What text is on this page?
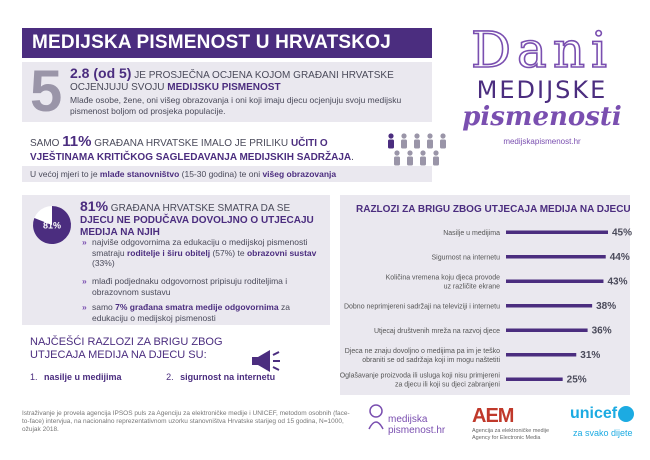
MEDIJSKA PISMENOST U HRVATSKOJ	Dani
MEDIJSKE
pismenosti
medijskapismenost.hr
5 2.8 (od 5) JE PROSJEČNA OCJENA KOJOM GRAĐANI HRVATSKE OCJENJUJU SVOJU MEDIJSKU PISMENOST
Mlađe osobe, žene, oni višeg obrazovanja i oni koji imaju djecu ocjenjuju svoju medijsku pismenost boljom od prosjeka populacije.
SAMO 11% GRAĐANA HRVATSKE IMALO JE PRILIKU UČITI O VJEŠTINAMA KRITIČKOG SAGLEDAVANJA MEDIJSKIH SADRŽAJA.
U većoj mjeri to je mlađe stanovništvo (15-30 godina) te oni višeg obrazovanja
81%
81% GRAĐANA HRVATSKE SMATRA DA SE DJECU NE PODUČAVA DOVOLJNO O UTJECAJU MEDIJA NA NJIH
» najviše odgovornima za edukaciju o medijskoj pismenosti smatraju roditelje i širu obitelj (57%) te obrazovni sustav (33%)
» mlađi podjednaku odgovornost pripisuju roditeljima i obrazovnom sustavu
» samo 7% građana smatra medije odgovornima za edukaciju o medijskoj pismenosti
NAJČEŠĆI RAZLOZI ZA BRIGU ZBOG UTJECAJA MEDIJA NA DJECU SU:
1. nasilje u medijima	2. sigurnost na internetu
RAZLOZI ZA BRIGU ZBOG UTJECAJA MEDIJA NA DJECU
Nasilje u medijima	45%
Sigurnost na internetu	44%
Količina vremena koju djeca provode
uz različite ekrane	43%
Dobno neprimjereni sadržaji na televiziji i internetu	38%
Utjecaj društvenih mreža na razvoj djece	36%
Djeca ne znaju dovoljno o medijima pa im je teško
obraniti se od sadržaja koji im mogu naštetiti	31%
Oglašavanje proizvoda ili usluga koji nisu primjereni
za djecu ili koji su djeci zabranjeni	25%
Istraživanje je provela agencija IPSOS puls za Agenciju za elektroničke medije i UNICEF, metodom osobnih (face-to-face) intervjua, na nacionalno reprezentativnom uzorku stanovništva Hrvatske starijeg od 15 godina, N=1000, ožujak 2018.
medijska
pismenost.hr
AEM
Agencija za elektroničke medije
Agency for Electronic Media
unicef
za svako dijete
